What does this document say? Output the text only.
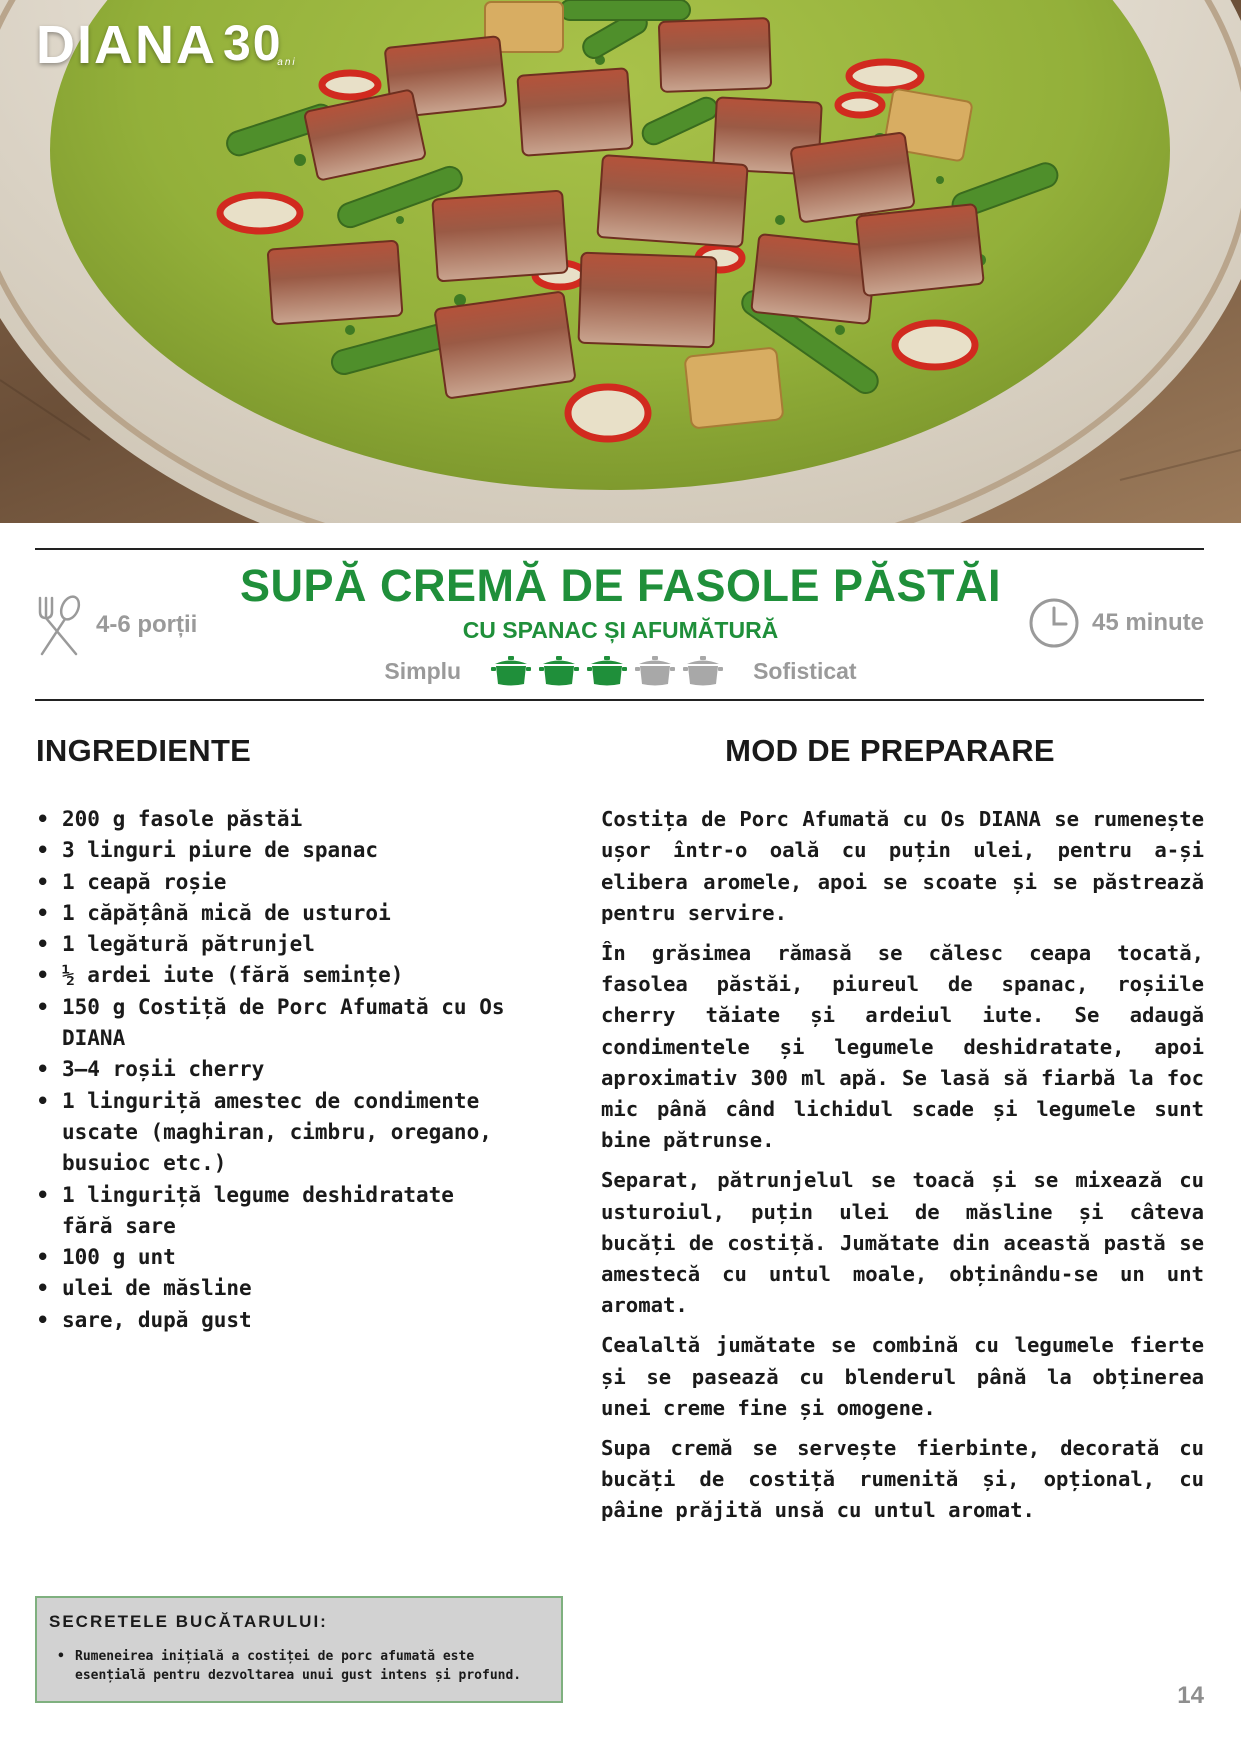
DIANA 30
ani
4-6 porții
SUPĂ CREMĂ DE FASOLE PĂSTĂI
CU SPANAC ȘI AFUMĂTURĂ	45 minute
Simplu	Sofisticat
INGREDIENTE
• 200 g fasole păstăi
• 3 linguri piure de spanac
• 1 ceapă roșie
• 1 căpățână mică de usturoi
• 1 legătură pătrunjel
• ½ ardei iute (fără semințe)
• 150 g Costiță de Porc Afumată cu Os DIANA
• 3–4 roșii cherry
• 1 linguriță amestec de condimente uscate (maghiran, cimbru, oregano, busuioc etc.)
• 1 linguriță legume deshidratate fără sare
• 100 g unt
• ulei de măsline
• sare, după gust
MOD DE PREPARARE

Costița de Porc Afumată cu Os DIANA se rumenește ușor într-o oală cu puțin ulei, pentru a-și elibera aromele, apoi se scoate și se păstrează pentru servire.

În grăsimea rămasă se călesc ceapa tocată, fasolea păstăi, piureul de spanac, roșiile cherry tăiate și ardeiul iute. Se adaugă condimentele și legumele deshidratate, apoi aproximativ 300 ml apă. Se lasă să fiarbă la foc mic până când lichidul scade și legumele sunt bine pătrunse.

Separat, pătrunjelul se toacă și se mixează cu usturoiul, puțin ulei de măsline și câteva bucăți de costiță. Jumătate din această pastă se amestecă cu untul moale, obținându-se un unt aromat.

Cealaltă jumătate se combină cu legumele fierte și se pasează cu blenderul până la obținerea unei creme fine și omogene.

Supa cremă se servește fierbinte, decorată cu bucăți de costiță rumenită și, opțional, cu pâine prăjită unsă cu untul aromat.

SECRETELE BUCĂTARULUI:
• Rumeneirea inițială a costiței de porc afumată este esențială pentru dezvoltarea unui gust intens și profund.
14
